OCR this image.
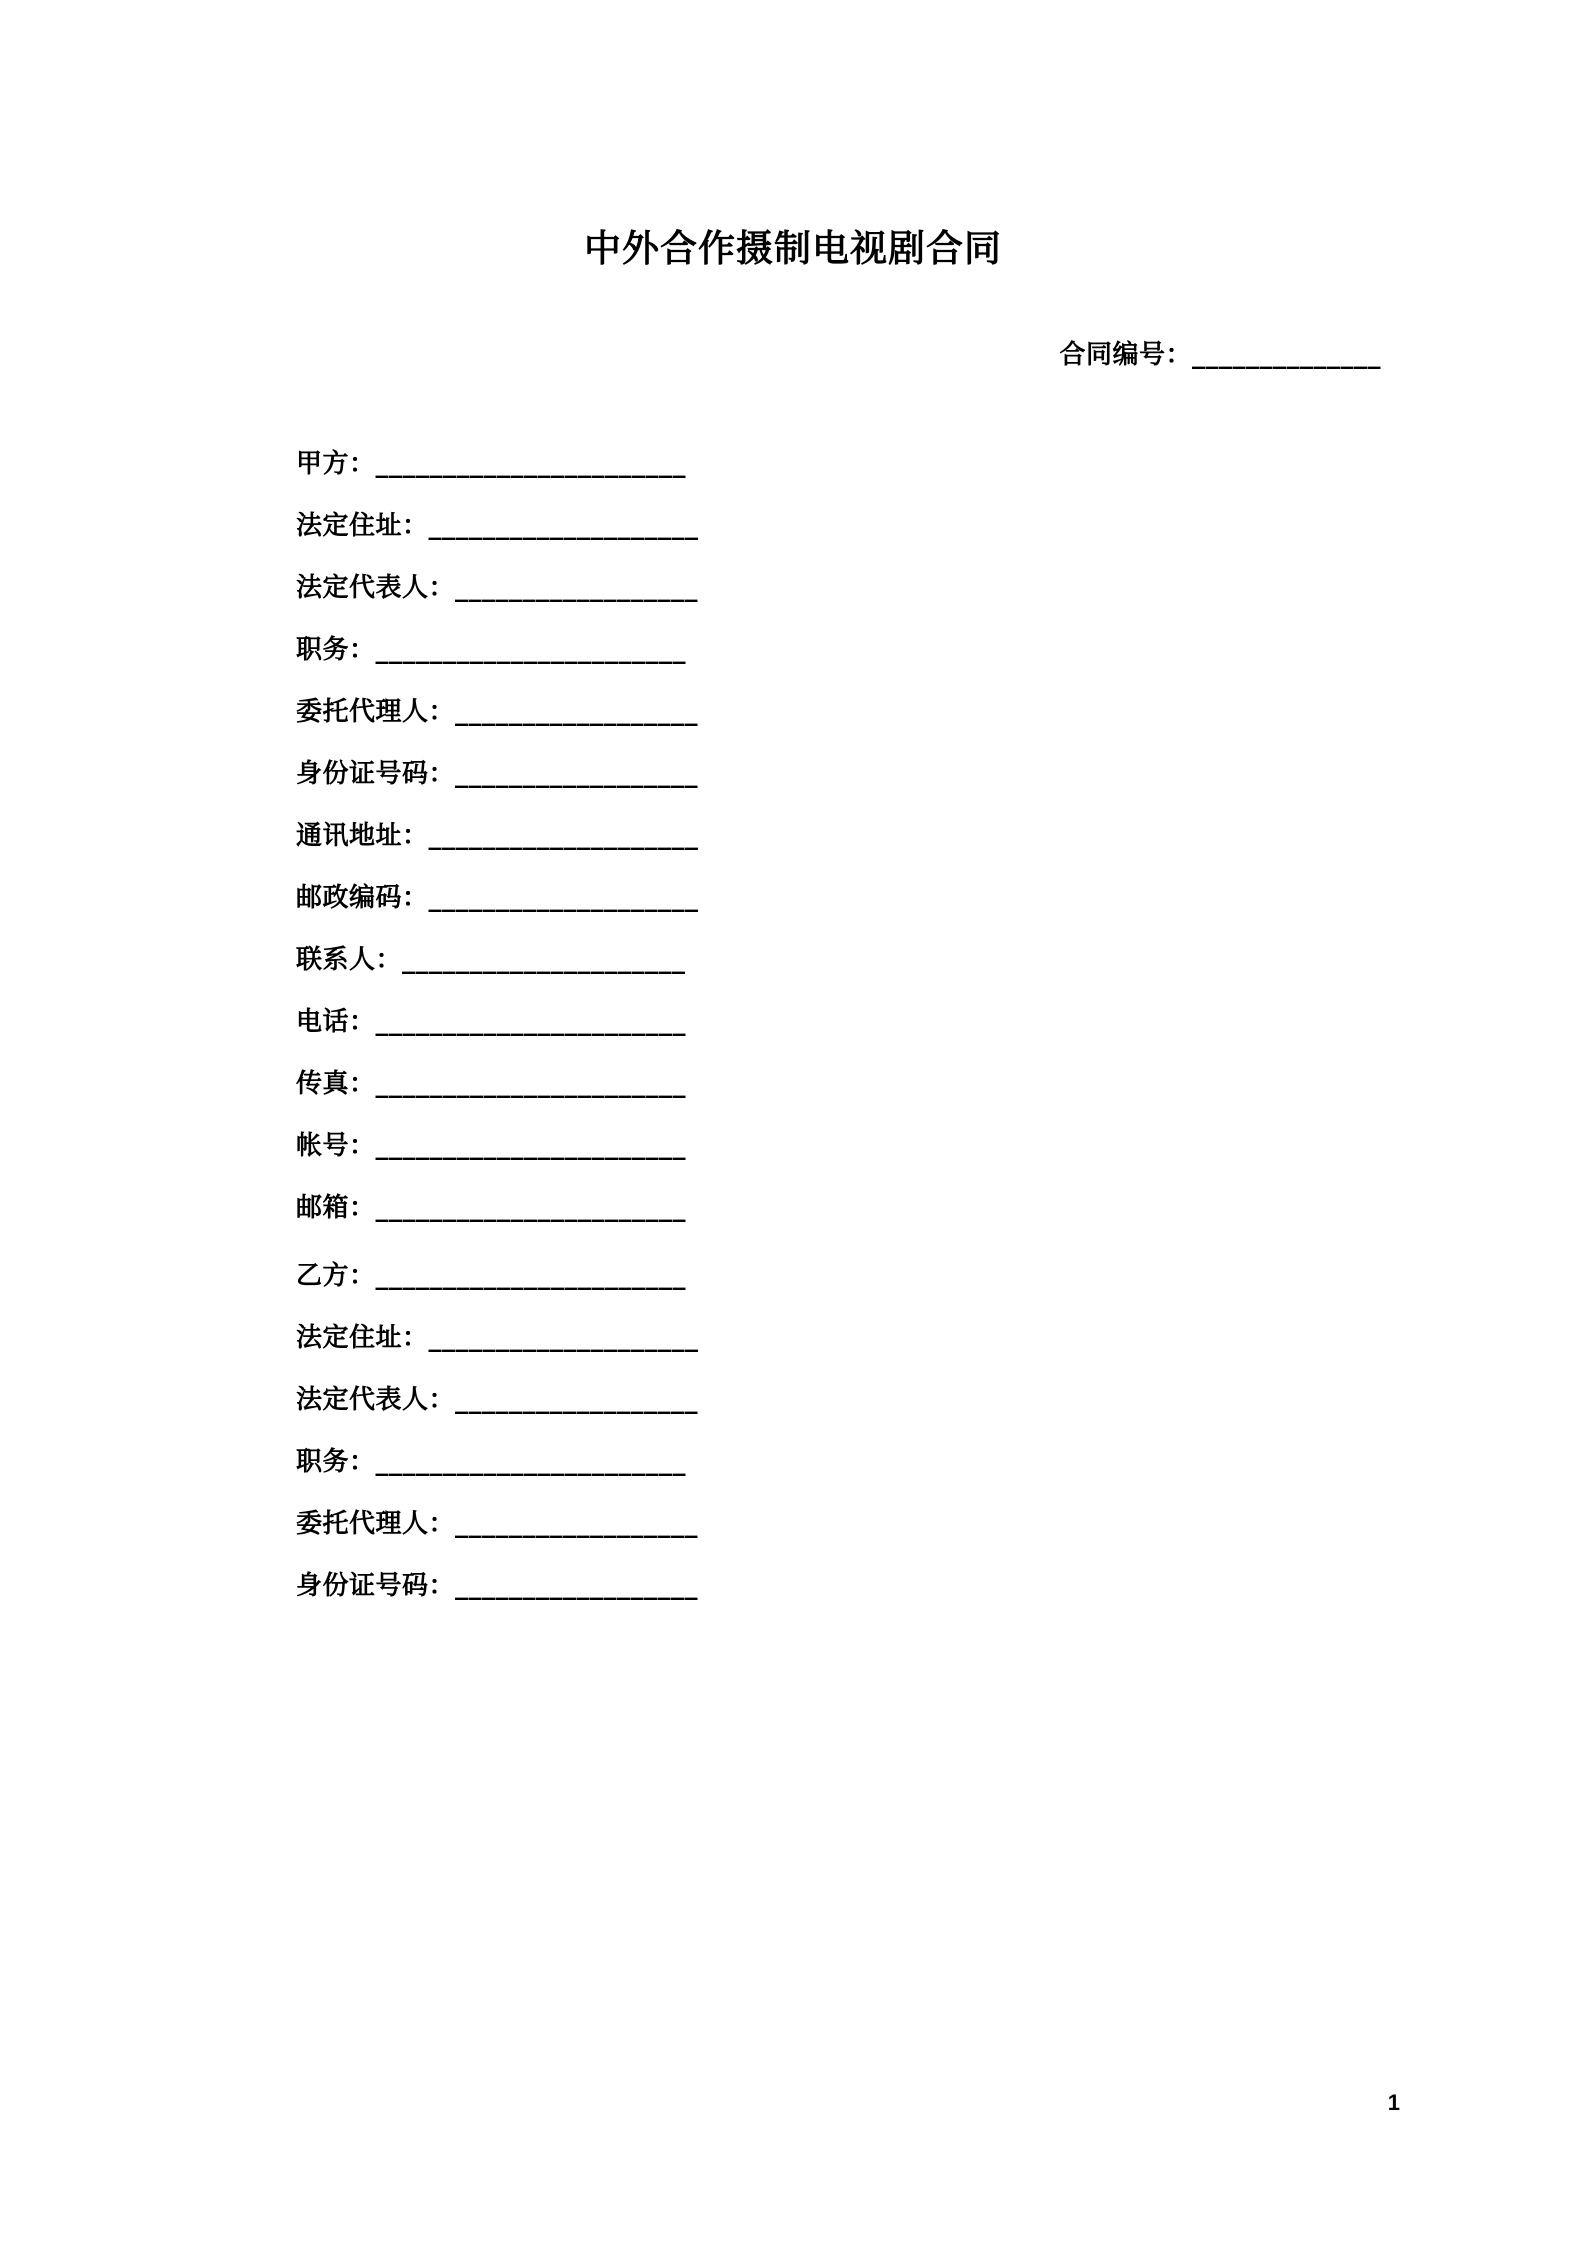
中外合作摄制电视剧合同
合同编号：______________
甲方：_______________________
法定住址：____________________
法定代表人：__________________
职务：_______________________
委托代理人：__________________
身份证号码：__________________
通讯地址：____________________
邮政编码：____________________
联系人：_____________________
电话：_______________________
传真：_______________________
帐号：_______________________
邮箱：_______________________
乙方：_______________________
法定住址：____________________
法定代表人：__________________
职务：_______________________
委托代理人：__________________
身份证号码：__________________
1
